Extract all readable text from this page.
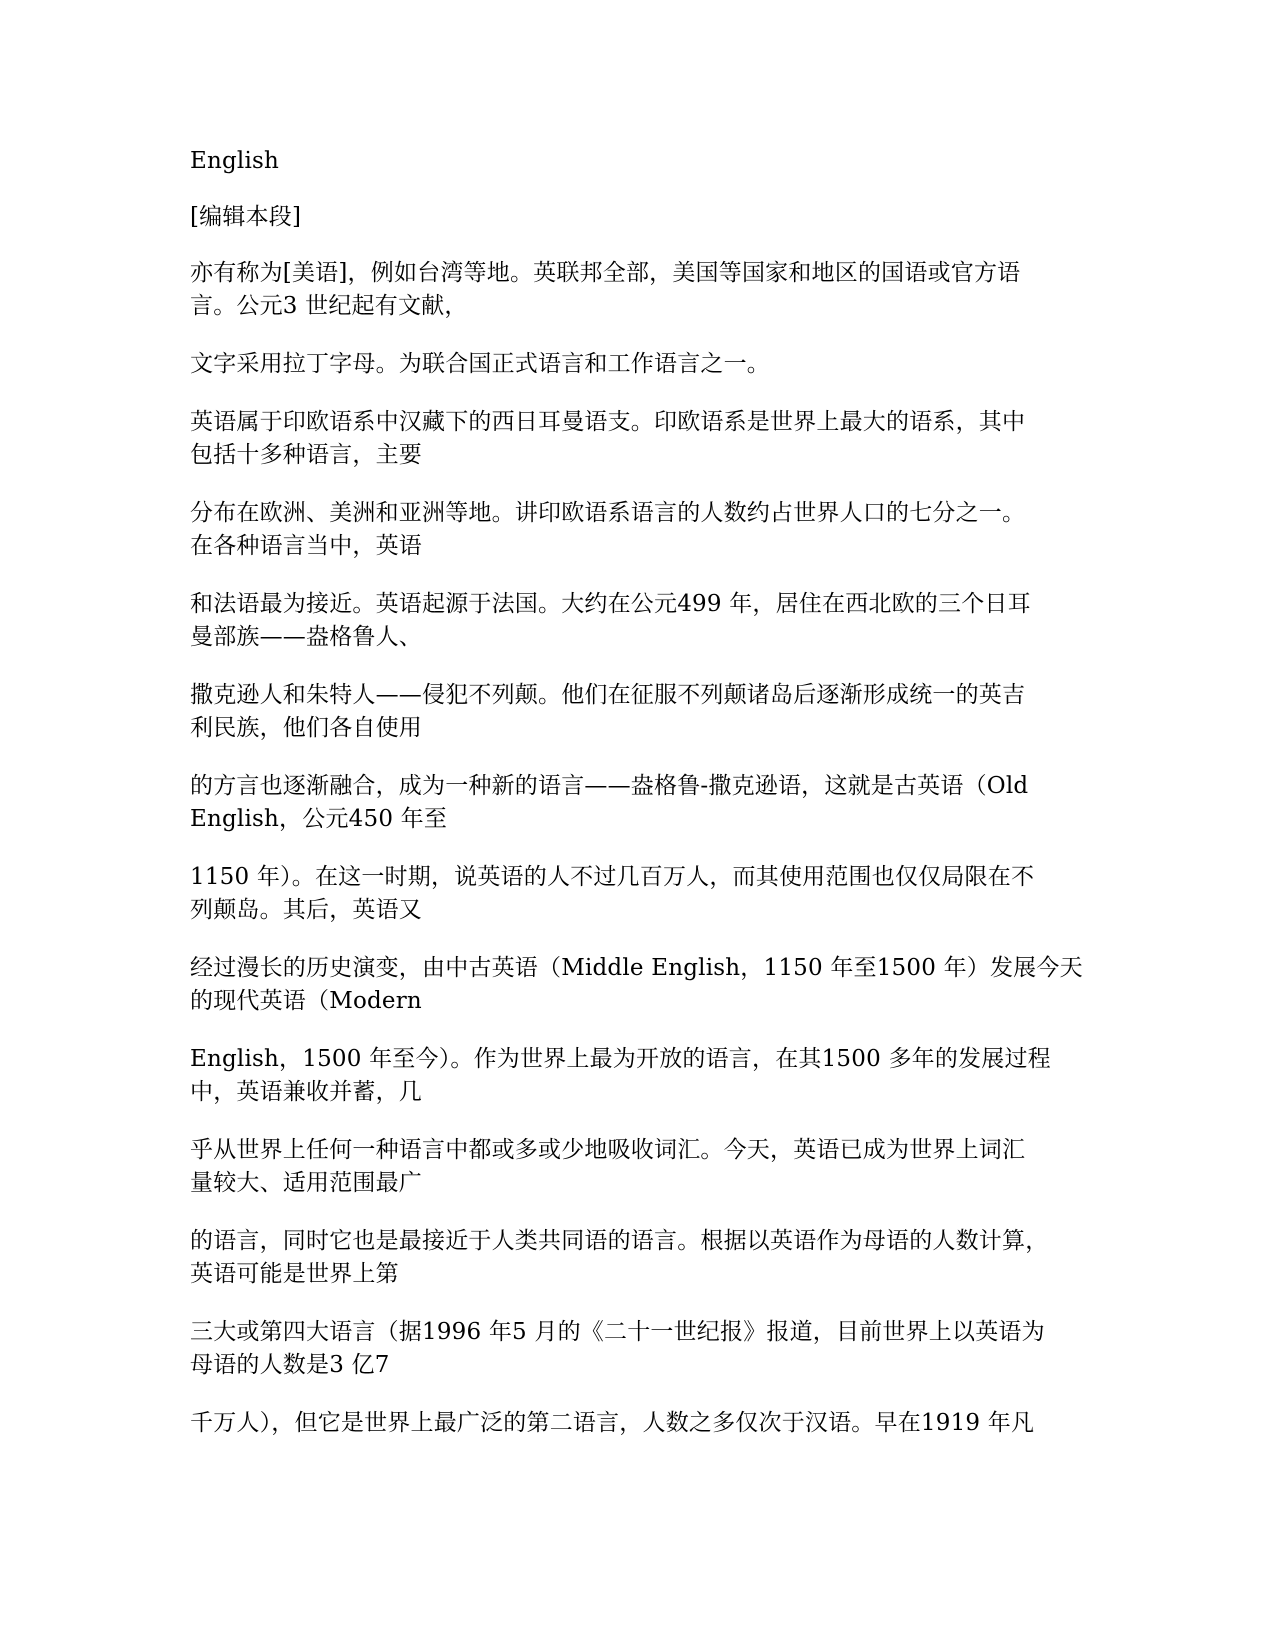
English

[编辑本段]

亦有称为[美语]，例如台湾等地。英联邦全部，美国等国家和地区的国语或官方语
言。公元3 世纪起有文献，

文字采用拉丁字母。为联合国正式语言和工作语言之一。

英语属于印欧语系中汉藏下的西日耳曼语支。印欧语系是世界上最大的语系，其中
包括十多种语言，主要

分布在欧洲、美洲和亚洲等地。讲印欧语系语言的人数约占世界人口的七分之一。
在各种语言当中，英语

和法语最为接近。英语起源于法国。大约在公元499 年，居住在西北欧的三个日耳
曼部族——盎格鲁人、

撒克逊人和朱特人——侵犯不列颠。他们在征服不列颠诸岛后逐渐形成统一的英吉
利民族，他们各自使用

的方言也逐渐融合，成为一种新的语言——盎格鲁-撒克逊语，这就是古英语（Old
English，公元450 年至

1150 年）。在这一时期，说英语的人不过几百万人，而其使用范围也仅仅局限在不
列颠岛。其后，英语又

经过漫长的历史演变，由中古英语（Middle English，1150 年至1500 年）发展今天
的现代英语（Modern

English，1500 年至今）。作为世界上最为开放的语言，在其1500 多年的发展过程
中，英语兼收并蓄，几

乎从世界上任何一种语言中都或多或少地吸收词汇。今天，英语已成为世界上词汇
量较大、适用范围最广

的语言，同时它也是最接近于人类共同语的语言。根据以英语作为母语的人数计算，
英语可能是世界上第

三大或第四大语言（据1996 年5 月的《二十一世纪报》报道，目前世界上以英语为
母语的人数是3 亿7

千万人），但它是世界上最广泛的第二语言，人数之多仅次于汉语。早在1919 年凡
